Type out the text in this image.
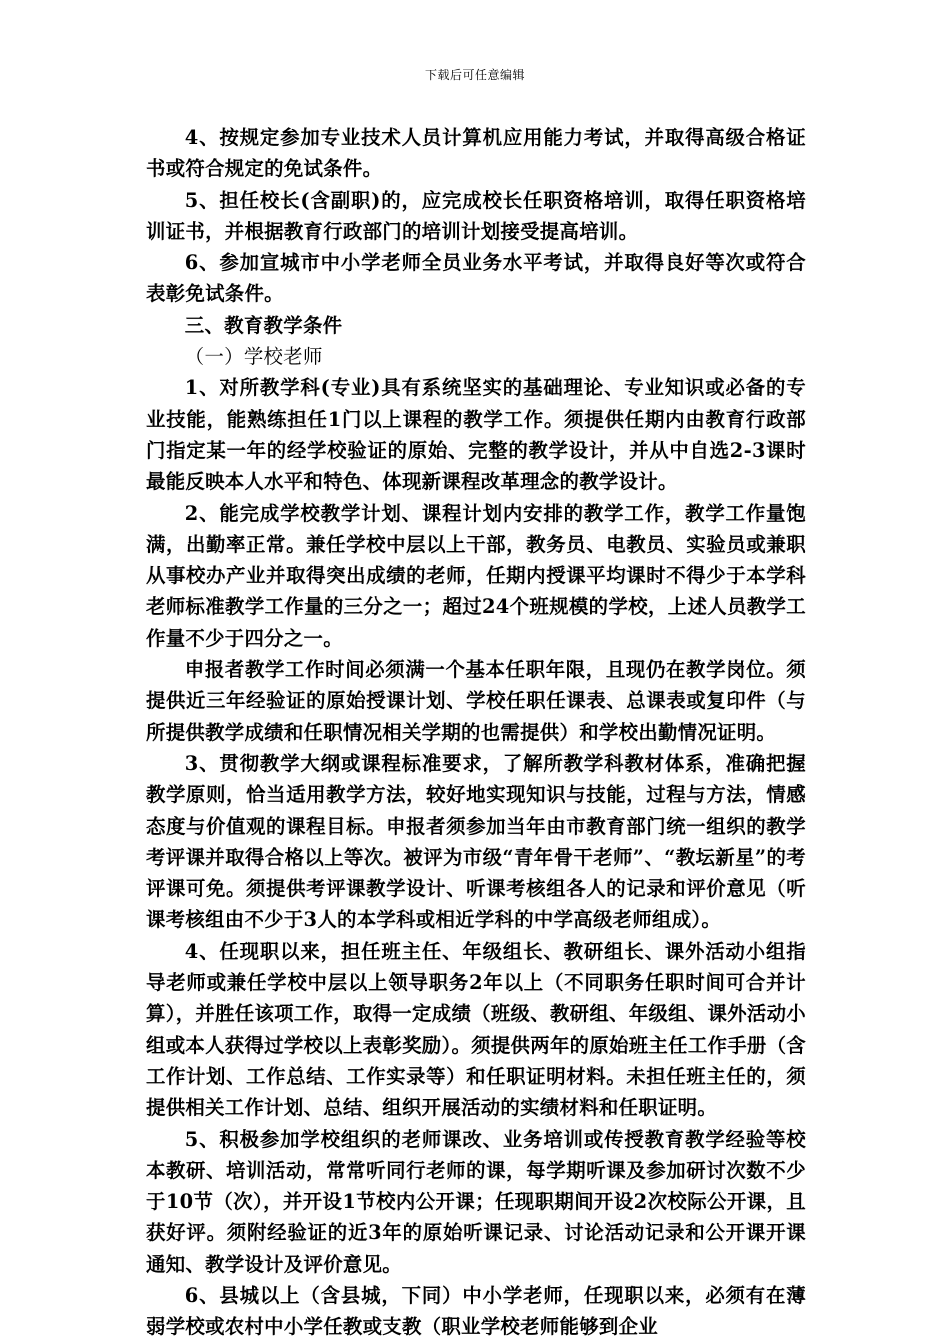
下载后可任意编辑

4、按规定参加专业技术人员计算机应用能力考试，并取得高级合格证书或符合规定的免试条件。

5、担任校长(含副职)的，应完成校长任职资格培训，取得任职资格培训证书，并根据教育行政部门的培训计划接受提高培训。

6、参加宣城市中小学老师全员业务水平考试，并取得良好等次或符合表彰免试条件。

三、教育教学条件

（一）学校老师

1、对所教学科(专业)具有系统坚实的基础理论、专业知识或必备的专业技能，能熟练担任1门以上课程的教学工作。须提供任期内由教育行政部门指定某一年的经学校验证的原始、完整的教学设计，并从中自选2-3课时最能反映本人水平和特色、体现新课程改革理念的教学设计。

2、能完成学校教学计划、课程计划内安排的教学工作，教学工作量饱满，出勤率正常。兼任学校中层以上干部，教务员、电教员、实验员或兼职从事校办产业并取得突出成绩的老师，任期内授课平均课时不得少于本学科老师标准教学工作量的三分之一；超过24个班规模的学校，上述人员教学工作量不少于四分之一。

申报者教学工作时间必须满一个基本任职年限，且现仍在教学岗位。须提供近三年经验证的原始授课计划、学校任职任课表、总课表或复印件（与所提供教学成绩和任职情况相关学期的也需提供）和学校出勤情况证明。

3、贯彻教学大纲或课程标准要求，了解所教学科教材体系，准确把握教学原则，恰当适用教学方法，较好地实现知识与技能，过程与方法，情感态度与价值观的课程目标。申报者须参加当年由市教育部门统一组织的教学考评课并取得合格以上等次。被评为市级“青年骨干老师”、“教坛新星”的考评课可免。须提供考评课教学设计、听课考核组各人的记录和评价意见（听课考核组由不少于3人的本学科或相近学科的中学高级老师组成）。

4、任现职以来，担任班主任、年级组长、教研组长、课外活动小组指导老师或兼任学校中层以上领导职务2年以上（不同职务任职时间可合并计算），并胜任该项工作，取得一定成绩（班级、教研组、年级组、课外活动小组或本人获得过学校以上表彰奖励）。须提供两年的原始班主任工作手册（含工作计划、工作总结、工作实录等）和任职证明材料。未担任班主任的，须提供相关工作计划、总结、组织开展活动的实绩材料和任职证明。

5、积极参加学校组织的老师课改、业务培训或传授教育教学经验等校本教研、培训活动，常常听同行老师的课，每学期听课及参加研讨次数不少于10节（次），并开设1节校内公开课；任现职期间开设2次校际公开课，且获好评。须附经验证的近3年的原始听课记录、讨论活动记录和公开课开课通知、教学设计及评价意见。

6、县城以上（含县城，下同）中小学老师，任现职以来，必须有在薄弱学校或农村中小学任教或支教（职业学校老师能够到企业
